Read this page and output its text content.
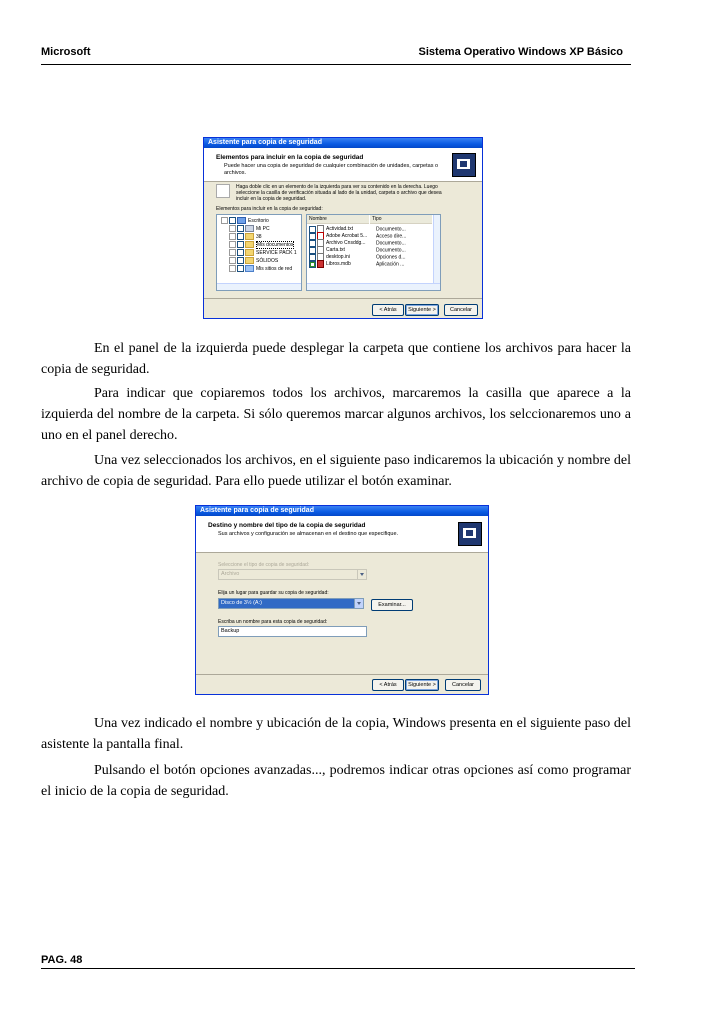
Microsoft	Sistema Operativo Windows XP Básico
Asistente para copia de seguridad
Elementos para incluir en la copia de seguridad
Puede hacer una copia de seguridad de cualquier combinación de unidades, carpetas o archivos.
Haga doble clic en un elemento de la izquierda para ver su contenido en la derecha. Luego
seleccione la casilla de verificación situada al lado de la unidad, carpeta o archivo que desea
incluir en la copia de seguridad.
Elementos para incluir en la copia de seguridad:
Escritorio
Mi PC
38
Mis documentos
SERVICE PACK 1
SÓLIDOS
Mis sitios de red
Nombre	Tipo
Actividad.txt	Documento...
Adobe Acrobat 5... Acceso dire...
Archivo Cnsddg... Documento...
Carta.txt	Documento...
desktop.ini	Opciones d...
Libros.mdb	Aplicación ...
< Atrás	Siguiente >	Cancelar

En el panel de la izquierda puede desplegar la carpeta que contiene los archivos para hacer la copia de seguridad.

Para indicar que copiaremos todos los archivos, marcaremos la casilla que aparece a la izquierda del nombre de la carpeta. Si sólo queremos marcar algunos archivos, los selccionaremos uno a uno en el panel derecho.

Una vez seleccionados los archivos, en el siguiente paso indicaremos la ubicación y nombre del archivo de copia de seguridad. Para ello puede utilizar el botón examinar.

Una vez indicado el nombre y ubicación de la copia, Windows presenta en el siguiente paso del asistente la pantalla final.

Pulsando el botón opciones avanzadas..., podremos indicar otras opciones así como programar el inicio de la copia de seguridad.

Asistente para copia de seguridad
Destino y nombre del tipo de la copia de seguridad
Sus archivos y configuración se almacenan en el destino que especifique.
Seleccione el tipo de copia de seguridad:
Archivo
Elija un lugar para guardar su copia de seguridad:
Disco de 3½ (A:)	Examinar...
Escriba un nombre para esta copia de seguridad:
Backup
< Atrás	Siguiente >	Cancelar
PAG. 48
